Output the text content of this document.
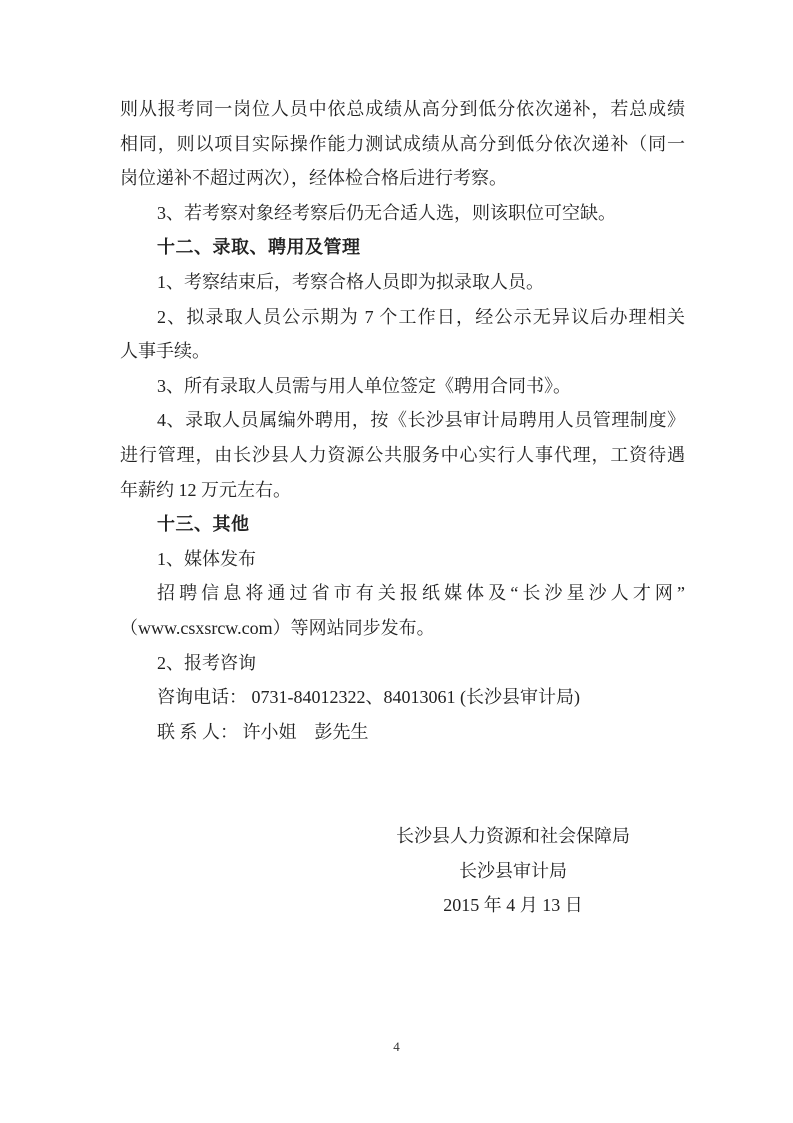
则从报考同一岗位人员中依总成绩从高分到低分依次递补，若总成绩
相同，则以项目实际操作能力测试成绩从高分到低分依次递补（同一
岗位递补不超过两次），经体检合格后进行考察。
3、若考察对象经考察后仍无合适人选，则该职位可空缺。
十二、录取、聘用及管理
1、考察结束后，考察合格人员即为拟录取人员。
2、拟录取人员公示期为 7 个工作日，经公示无异议后办理相关
人事手续。
3、所有录取人员需与用人单位签定《聘用合同书》。
4、录取人员属编外聘用，按《长沙县审计局聘用人员管理制度》
进行管理，由长沙县人力资源公共服务中心实行人事代理，工资待遇
年薪约 12 万元左右。
十三、其他
1、媒体发布
招聘信息将通过省市有关报纸媒体及“长沙星沙人才网”
（www.csxsrcw.com）等网站同步发布。
2、报考咨询
咨询电话： 0731-84012322、84013061 (长沙县审计局)
联 系 人： 许小姐　彭先生
长沙县人力资源和社会保障局
长沙县审计局
2015 年 4 月 13 日
4
